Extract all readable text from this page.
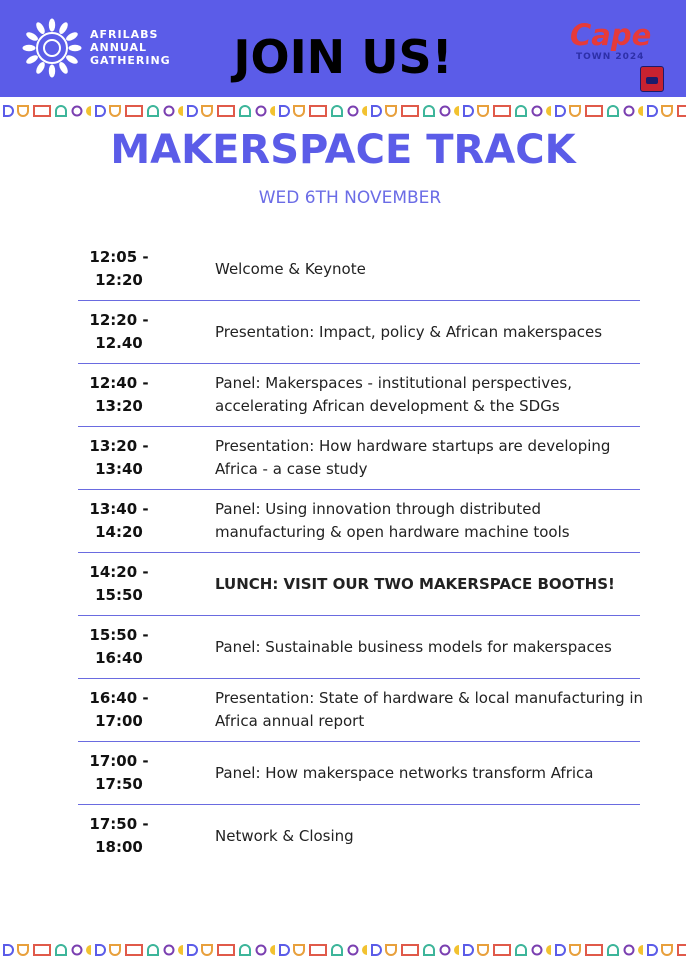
AFRILABS
ANNUAL
GATHERING	JOIN US!	Cape
TOWN 2024
MAKERSPACE TRACK
WED 6TH NOVEMBER
12:05 -
12:20
Welcome & Keynote
12:20 -
12.40
Presentation: Impact, policy & African makerspaces
12:40 -
13:20
Panel: Makerspaces - institutional perspectives, accelerating African development & the SDGs
13:20 -
13:40
Presentation: How hardware startups are developing Africa - a case study
13:40 -
14:20
Panel: Using innovation through distributed manufacturing & open hardware machine tools
14:20 -
15:50
LUNCH: VISIT OUR TWO MAKERSPACE BOOTHS!
15:50 -
16:40
Panel: Sustainable business models for makerspaces
16:40 -
17:00
Presentation: State of hardware & local manufacturing in Africa annual report
17:00 -
17:50
Panel: How makerspace networks transform Africa
17:50 -
18:00
Network & Closing
